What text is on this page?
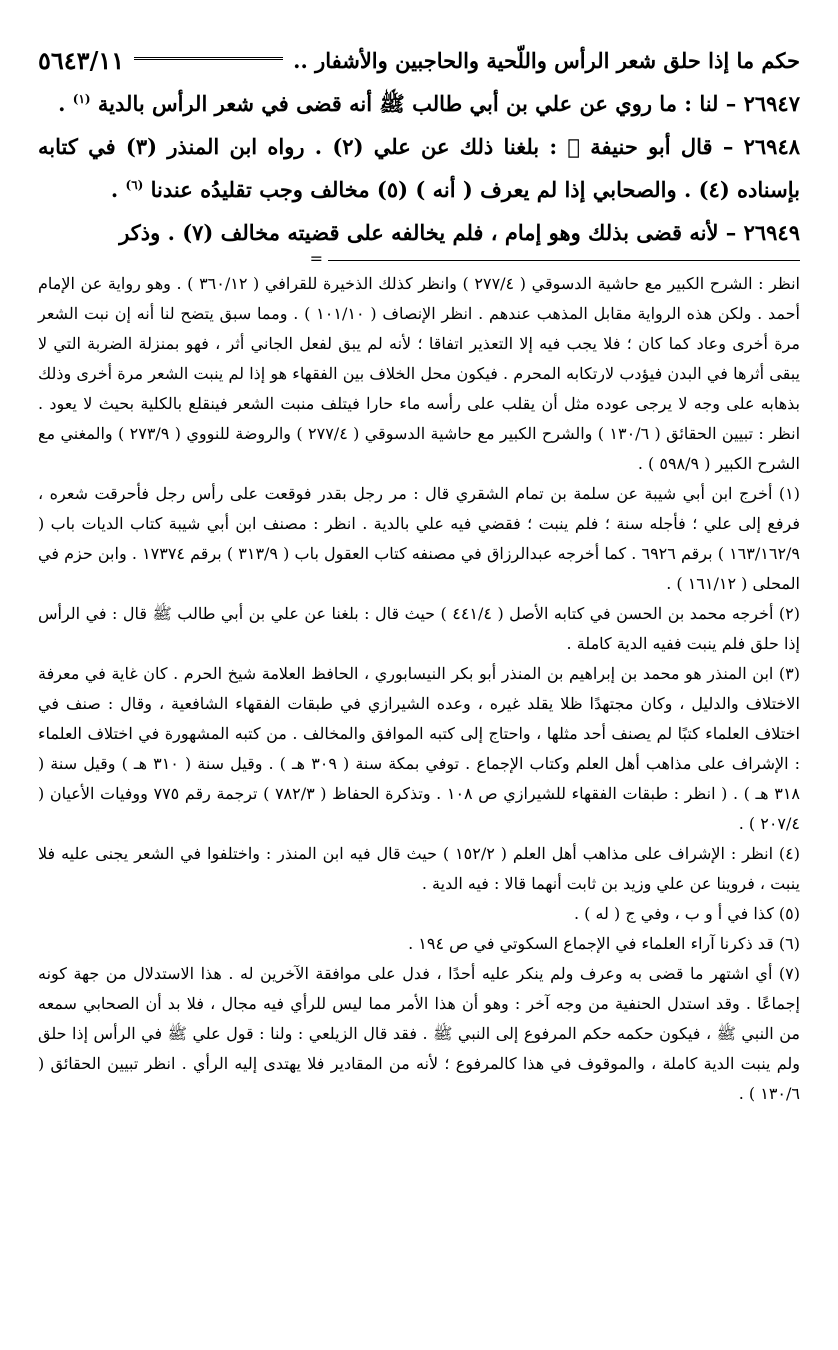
حكم ما إذا حلق شعر الرأس واللّحية والحاجبين والأشفار ..
٥٦٤٣/١١

٢٦٩٤٧ – لنا : ما روي عن علي بن أبي طالب ﷺ أنه قضى في شعر الرأس بالدية $^{(١)}$ .

٢٦٩٤٨ – قال أبو حنيفة ﷬ : بلغنا ذلك عن علي (٢) . رواه ابن المنذر (٣) في كتابه بإسناده (٤) . والصحابي إذا لم يعرف ( أنه ) (٥) مخالف وجب تقليدُه عندنا $^{(٦)}$ .

٢٦٩٤٩ – لأنه قضى بذلك وهو إمام ، فلم يخالفه على قضيته مخالف (٧) . وذكر

=

انظر : الشرح الكبير مع حاشية الدسوقي ( ٢٧٧/٤ ) وانظر كذلك الذخيرة للقرافي ( ٣٦٠/١٢ ) . وهو رواية عن الإمام أحمد . ولكن هذه الرواية مقابل المذهب عندهم . انظر الإنصاف ( ١٠١/١٠ ) . ومما سبق يتضح لنا أنه إن نبت الشعر مرة أخرى وعاد كما كان ؛ فلا يجب فيه إلا التعذير اتفاقا ؛ لأنه لم يبق لفعل الجاني أثر ، فهو بمنزلة الضربة التي لا يبقى أثرها في البدن فيؤدب لارتكابه المحرم . فيكون محل الخلاف بين الفقهاء هو إذا لم ينبت الشعر مرة أخرى وذلك بذهابه على وجه لا يرجى عوده مثل أن يقلب على رأسه ماء حارا فيتلف منبت الشعر فينقلع بالكلية بحيث لا يعود . انظر : تبيين الحقائق ( ١٣٠/٦ ) والشرح الكبير مع حاشية الدسوقي ( ٢٧٧/٤ ) والروضة للنووي ( ٢٧٣/٩ ) والمغني مع الشرح الكبير ( ٥٩٨/٩ ) .

(١) أخرج ابن أبي شيبة عن سلمة بن تمام الشقري قال : مر رجل بقدر فوقعت على رأس رجل فأحرقت شعره ، فرفع إلى علي ؛ فأجله سنة ؛ فلم ينبت ؛ فقضي فيه علي بالدية . انظر : مصنف ابن أبي شيبة كتاب الديات باب ( ١٦٣/١٦٢/٩ ) برقم ٦٩٢٦ . كما أخرجه عبدالرزاق في مصنفه كتاب العقول باب ( ٣١٣/٩ ) برقم ١٧٣٧٤ . وابن حزم في المحلى ( ١٦١/١٢ ) .

(٢) أخرجه محمد بن الحسن في كتابه الأصل ( ٤٤١/٤ ) حيث قال : بلغنا عن علي بن أبي طالب ﷺ قال : في الرأس إذا حلق فلم ينبت ففيه الدية كاملة .

(٣) ابن المنذر هو محمد بن إبراهيم بن المنذر أبو بكر النيسابوري ، الحافظ العلامة شيخ الحرم . كان غاية في معرفة الاختلاف والدليل ، وكان مجتهدًا ظلا يقلد غيره ، وعده الشيرازي في طبقات الفقهاء الشافعية ، وقال : صنف في اختلاف العلماء كتبًا لم يصنف أحد مثلها ، واحتاج إلى كتبه الموافق والمخالف . من كتبه المشهورة في اختلاف العلماء : الإشراف على مذاهب أهل العلم وكتاب الإجماع . توفي بمكة سنة ( ٣٠٩ هـ ) . وقيل سنة ( ٣١٠ هـ ) وقيل سنة ( ٣١٨ هـ ) . ( انظر : طبقات الفقهاء للشيرازي ص ١٠٨ . وتذكرة الحفاظ ( ٧٨٢/٣ ) ترجمة رقم ٧٧٥ ووفيات الأعيان ( ٢٠٧/٤ ) .

(٤) انظر : الإشراف على مذاهب أهل العلم ( ١٥٢/٢ ) حيث قال فيه ابن المنذر : واختلفوا في الشعر يجنى عليه فلا ينبت ، فروينا عن علي وزيد بن ثابت أنهما قالا : فيه الدية .

(٥) كذا في أ و ب ، وفي ج ( له ) .

(٦) قد ذكرنا آراء العلماء في الإجماع السكوتي في ص ١٩٤ .

(٧) أي اشتهر ما قضى به وعرف ولم ينكر عليه أحدًا ، فدل على موافقة الآخرين له . هذا الاستدلال من جهة كونه إجماعًا . وقد استدل الحنفية من وجه آخر : وهو أن هذا الأمر مما ليس للرأي فيه مجال ، فلا بد أن الصحابي سمعه من النبي ﷺ ، فيكون حكمه حكم المرفوع إلى النبي ﷺ . فقد قال الزيلعي : ولنا : قول علي ﷺ في الرأس إذا حلق ولم ينبت الدية كاملة ، والموقوف في هذا كالمرفوع ؛ لأنه من المقادير فلا يهتدى إليه الرأي . انظر تبيين الحقائق ( ١٣٠/٦ ) .
